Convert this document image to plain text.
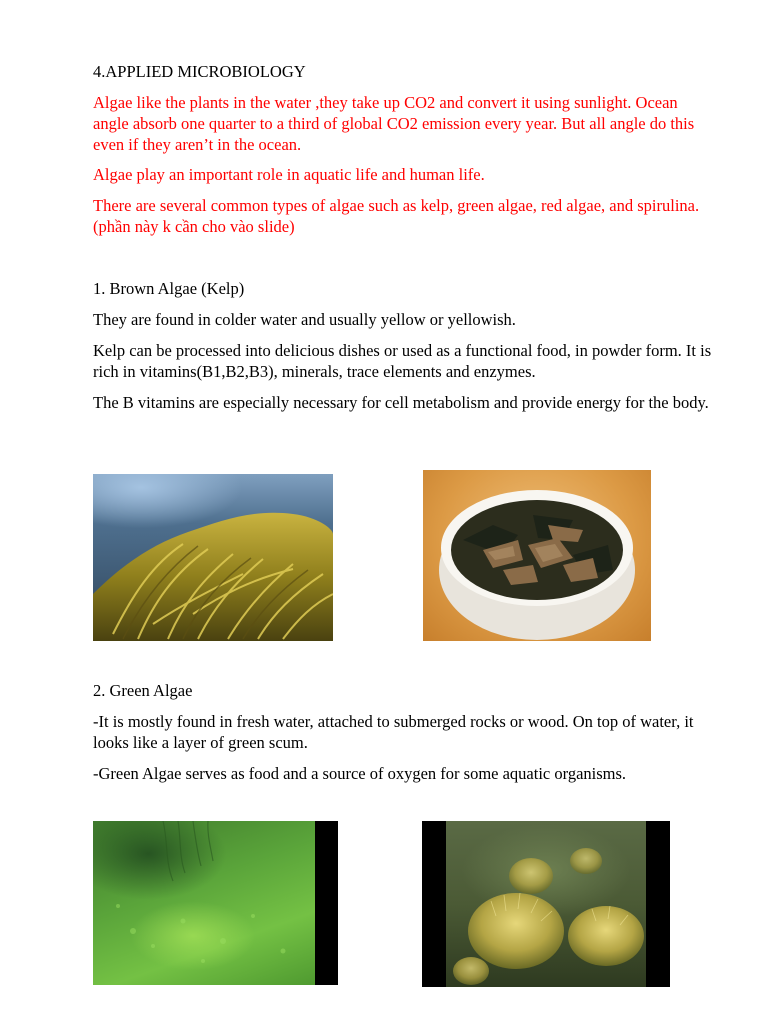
4.APPLIED MICROBIOLOGY

Algae like the plants in the water ,they take up CO2 and convert it using sunlight. Ocean angle absorb one quarter to a third of global CO2 emission every year. But all angle do this even if they aren’t in the ocean.

Algae play an important role in aquatic life and human life.

There are several common types of algae such as kelp, green algae, red algae, and spirulina. (phần này k cần cho vào slide)

1. Brown Algae (Kelp)

They are found in colder water and usually yellow or yellowish.

Kelp can be processed into delicious dishes or used as a functional food, in powder form. It is rich in vitamins(B1,B2,B3), minerals, trace elements and enzymes.

The B vitamins are especially necessary for cell metabolism and provide energy for the body.

2. Green Algae

-It is mostly found in fresh water, attached to submerged rocks or wood. On top of water, it looks like a layer of green scum.

-Green Algae serves as food and a source of oxygen for some aquatic organisms.
